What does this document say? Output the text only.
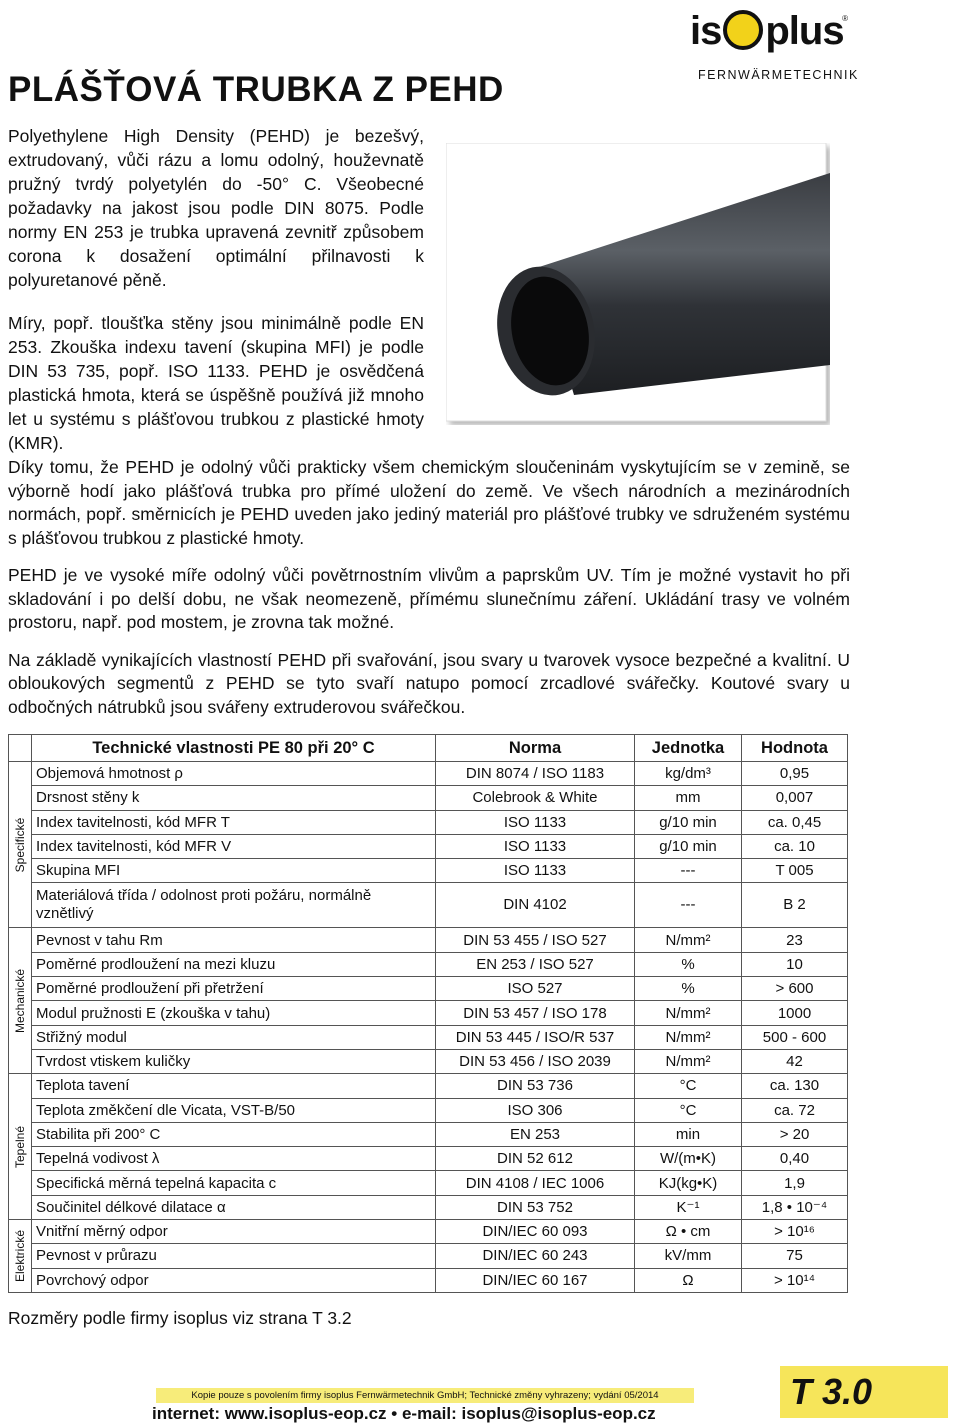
is plus
®
FERNWÄRMETECHNIK
PLÁŠŤOVÁ TRUBKA Z PEHD

Polyethylene High Density (PEHD) je bezešvý, extrudovaný, vůči rázu a lomu odolný, houževnatě pružný tvrdý polyetylén do -50° C. Všeobecné požadavky na jakost jsou podle DIN 8075. Podle normy EN 253 je trubka upravená zevnitř způsobem corona k dosažení optimální přilnavosti k polyuretanové pěně.

Míry, popř. tloušťka stěny jsou minimálně podle EN 253. Zkouška indexu tavení (skupina MFI) je podle DIN 53 735, popř. ISO 1133. PEHD je osvědčená plastická hmota, která se úspěšně používá již mnoho let u systému s plášťovou trubkou z plastické hmoty (KMR).

Díky tomu, že PEHD je odolný vůči prakticky všem chemickým sloučeninám vyskytujícím se v zemině, se výborně hodí jako plášťová trubka pro přímé uložení do země. Ve všech národních a mezinárodních normách, popř. směrnicích je PEHD uveden jako jediný materiál pro plášťové trubky ve sdruženém systému s plášťovou trubkou z plastické hmoty.

PEHD je ve vysoké míře odolný vůči povětrnostním vlivům a paprskům UV. Tím je možné vystavit ho při skladování i po delší dobu, ne však neomezeně, přímému slunečnímu záření. Ukládání trasy ve volném prostoru, např. pod mostem, je zrovna tak možné.

Na základě vynikajících vlastností PEHD při svařování, jsou svary u tvarovek vysoce bezpečné a kvalitní. U obloukových segmentů z PEHD se tyto svaří natupo pomocí zrcadlové svářečky. Koutové svary u odbočných nátrubků jsou svářeny extruderovou svářečkou.

	Technické vlastnosti PE 80 při 20° C	Norma	Jednotka	Hodnota

Specifické	Objemová hmotnost ρ	DIN 8074 / ISO 1183	kg/dm³	0,95
	Drsnost stěny k	Colebrook & White	mm	0,007
	Index tavitelnosti, kód MFR T	ISO 1133	g/10 min	ca. 0,45
	Index tavitelnosti, kód MFR V	ISO 1133	g/10 min	ca. 10
	Skupina MFI	ISO 1133	---	T 005
	Materiálová třída / odolnost proti požáru, normálně vznětlivý	DIN 4102	---	B 2

Mechanické	Pevnost v tahu Rm	DIN 53 455 / ISO 527	N/mm²	23
	Poměrné prodloužení na mezi kluzu	EN 253 / ISO 527	%	10
	Poměrné prodloužení při přetržení	ISO 527	%	> 600
	Modul pružnosti E (zkouška v tahu)	DIN 53 457 / ISO 178	N/mm²	1000
	Střižný modul	DIN 53 445 / ISO/R 537	N/mm²	500 - 600
	Tvrdost vtiskem kuličky	DIN 53 456 / ISO 2039	N/mm²	42

Tepelné	Teplota tavení	DIN 53 736	°C	ca. 130
	Teplota změkčení dle Vicata, VST-B/50	ISO 306	°C	ca. 72
	Stabilita při 200° C	EN 253	min	> 20
	Tepelná vodivost λ	DIN 52 612	W/(m•K)	0,40
	Specifická měrná tepelná kapacita c	DIN 4108 / IEC 1006	KJ(kg•K)	1,9
	Součinitel délkové dilatace α	DIN 53 752	K⁻¹	1,8 • 10⁻⁴

Elektrické	Vnitřní měrný odpor	DIN/IEC 60 093	Ω • cm	> 10¹⁶
	Pevnost v průrazu	DIN/IEC 60 243	kV/mm	75
	Povrchový odpor	DIN/IEC 60 167	Ω	> 10¹⁴
Rozměry podle firmy isoplus viz strana T 3.2
Kopie pouze s povolením firmy isoplus Fernwärmetechnik GmbH; Technické změny vyhrazeny; vydání 05/2014
internet: www.isoplus-eop.cz • e-mail: isoplus@isoplus-eop.cz
T 3.0
